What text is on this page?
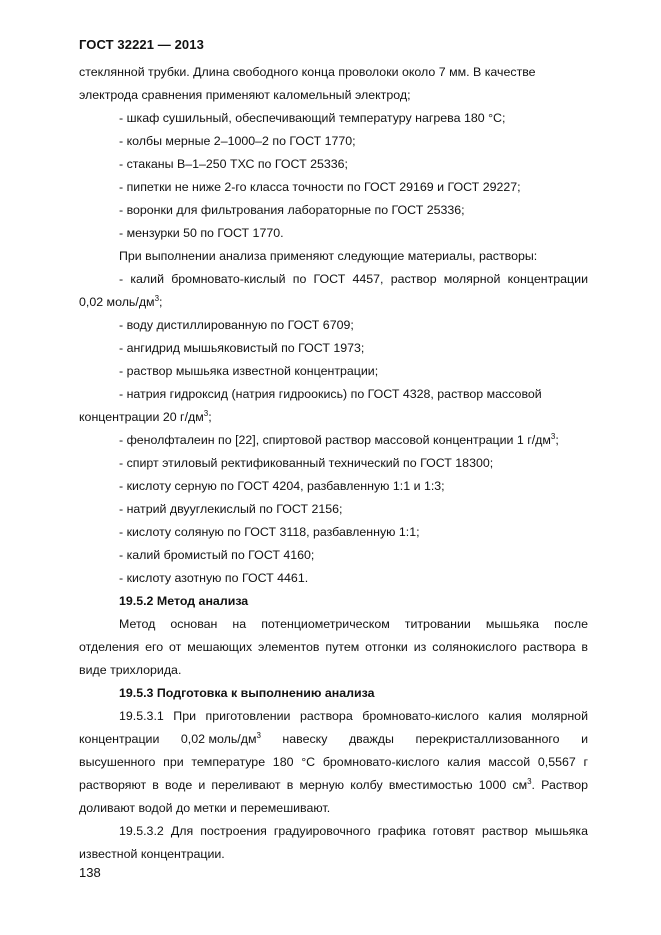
ГОСТ 32221 — 2013

стеклянной трубки. Длина свободного конца проволоки около 7 мм. В качестве

электрода сравнения применяют каломельный электрод;

- шкаф сушильный, обеспечивающий температуру нагрева 180 °С;

- колбы мерные 2–1000–2 по ГОСТ 1770;

- стаканы В–1–250 ТХС по ГОСТ 25336;

- пипетки не ниже 2-го класса точности по ГОСТ 29169 и ГОСТ 29227;

- воронки для фильтрования лабораторные по ГОСТ 25336;

- мензурки 50 по ГОСТ 1770.

При выполнении анализа применяют следующие материалы, растворы:

- калий бромновато-кислый по ГОСТ 4457, раствор молярной концентрации

0,02 моль/$дм^3$;

- воду дистиллированную по ГОСТ 6709;

- ангидрид мышьяковистый по ГОСТ 1973;

- раствор мышьяка известной концентрации;

- натрия гидроксид (натрия гидроокись) по ГОСТ 4328, раствор массовой

концентрации 20 $г/дм^3$;

- фенолфталеин по [22], спиртовой раствор массовой концентрации 1 $г/дм^3$;

- спирт этиловый ректификованный технический по ГОСТ 18300;

- кислоту серную по ГОСТ 4204, разбавленную 1:1 и 1:3;

- натрий двууглекислый по ГОСТ 2156;

- кислоту соляную по ГОСТ 3118, разбавленную 1:1;

- калий бромистый по ГОСТ 4160;

- кислоту азотную по ГОСТ 4461.

19.5.2 Метод анализа

Метод основан на потенциометрическом титровании мышьяка после

отделения его от мешающих элементов путем отгонки из солянокислого раствора в

виде трихлорида.

19.5.3 Подготовка к выполнению анализа

19.5.3.1 При приготовлении раствора бромновато-кислого калия молярной

концентрации 0,02 моль/$дм^3$ навеску дважды перекристаллизованного и

высушенного при температуре 180 °С бромновато-кислого калия массой 0,5567 г

растворяют в воде и переливают в мерную колбу вместимостью 1000 $см^3$. Раствор

доливают водой до метки и перемешивают.

19.5.3.2 Для построения градуировочного графика готовят раствор мышьяка

известной концентрации.

138
